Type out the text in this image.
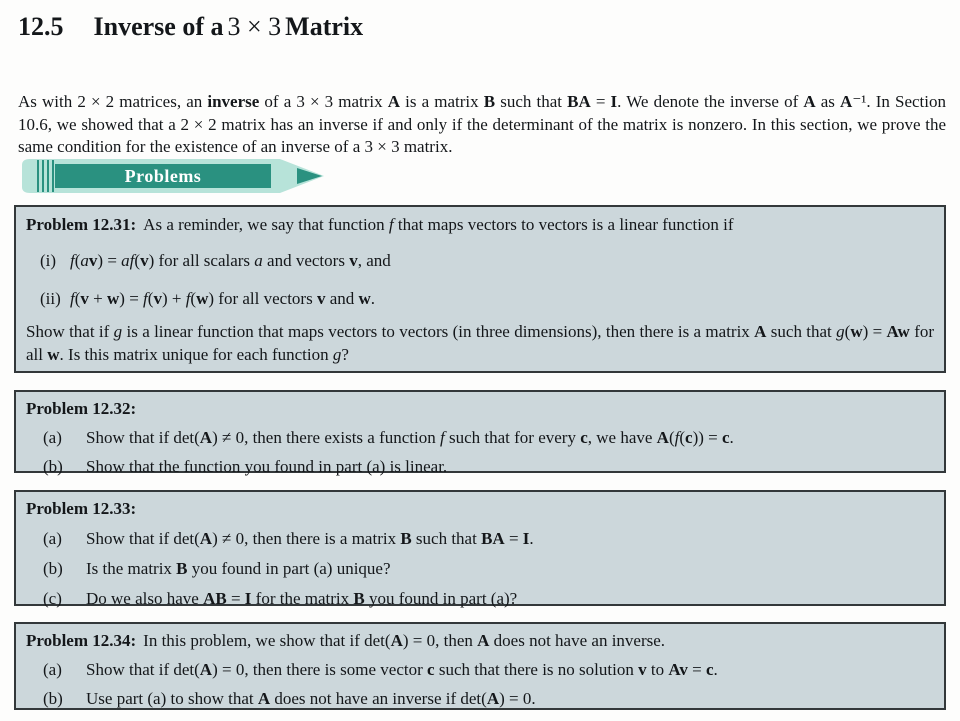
12.5 Inverse of a 3 × 3 Matrix

As with 2 × 2 matrices, an inverse of a 3 × 3 matrix A is a matrix B such that BA = I. We denote the inverse of A as A⁻¹. In Section 10.6, we showed that a 2 × 2 matrix has an inverse if and only if the determinant of the matrix is nonzero. In this section, we prove the same condition for the existence of an inverse of a 3 × 3 matrix.

Problems

Problem 12.31: As a reminder, we say that function f that maps vectors to vectors is a linear function if

(i) f(av) = af(v) for all scalars a and vectors v, and

(ii) f(v + w) = f(v) + f(w) for all vectors v and w.

Show that if g is a linear function that maps vectors to vectors (in three dimensions), then there is a matrix A such that g(w) = Aw for all w. Is this matrix unique for each function g?

Problem 12.32:

(a)	Show that if det(A) ≠ 0, then there exists a function f such that for every c, we have A(f(c)) = c.

(b)	Show that the function you found in part (a) is linear.

Problem 12.33:

(a)	Show that if det(A) ≠ 0, then there is a matrix B such that BA = I.

(b)	Is the matrix B you found in part (a) unique?

(c)	Do we also have AB = I for the matrix B you found in part (a)?

Problem 12.34: In this problem, we show that if det(A) = 0, then A does not have an inverse.

(a)	Show that if det(A) = 0, then there is some vector c such that there is no solution v to Av = c.

(b)	Use part (a) to show that A does not have an inverse if det(A) = 0.
